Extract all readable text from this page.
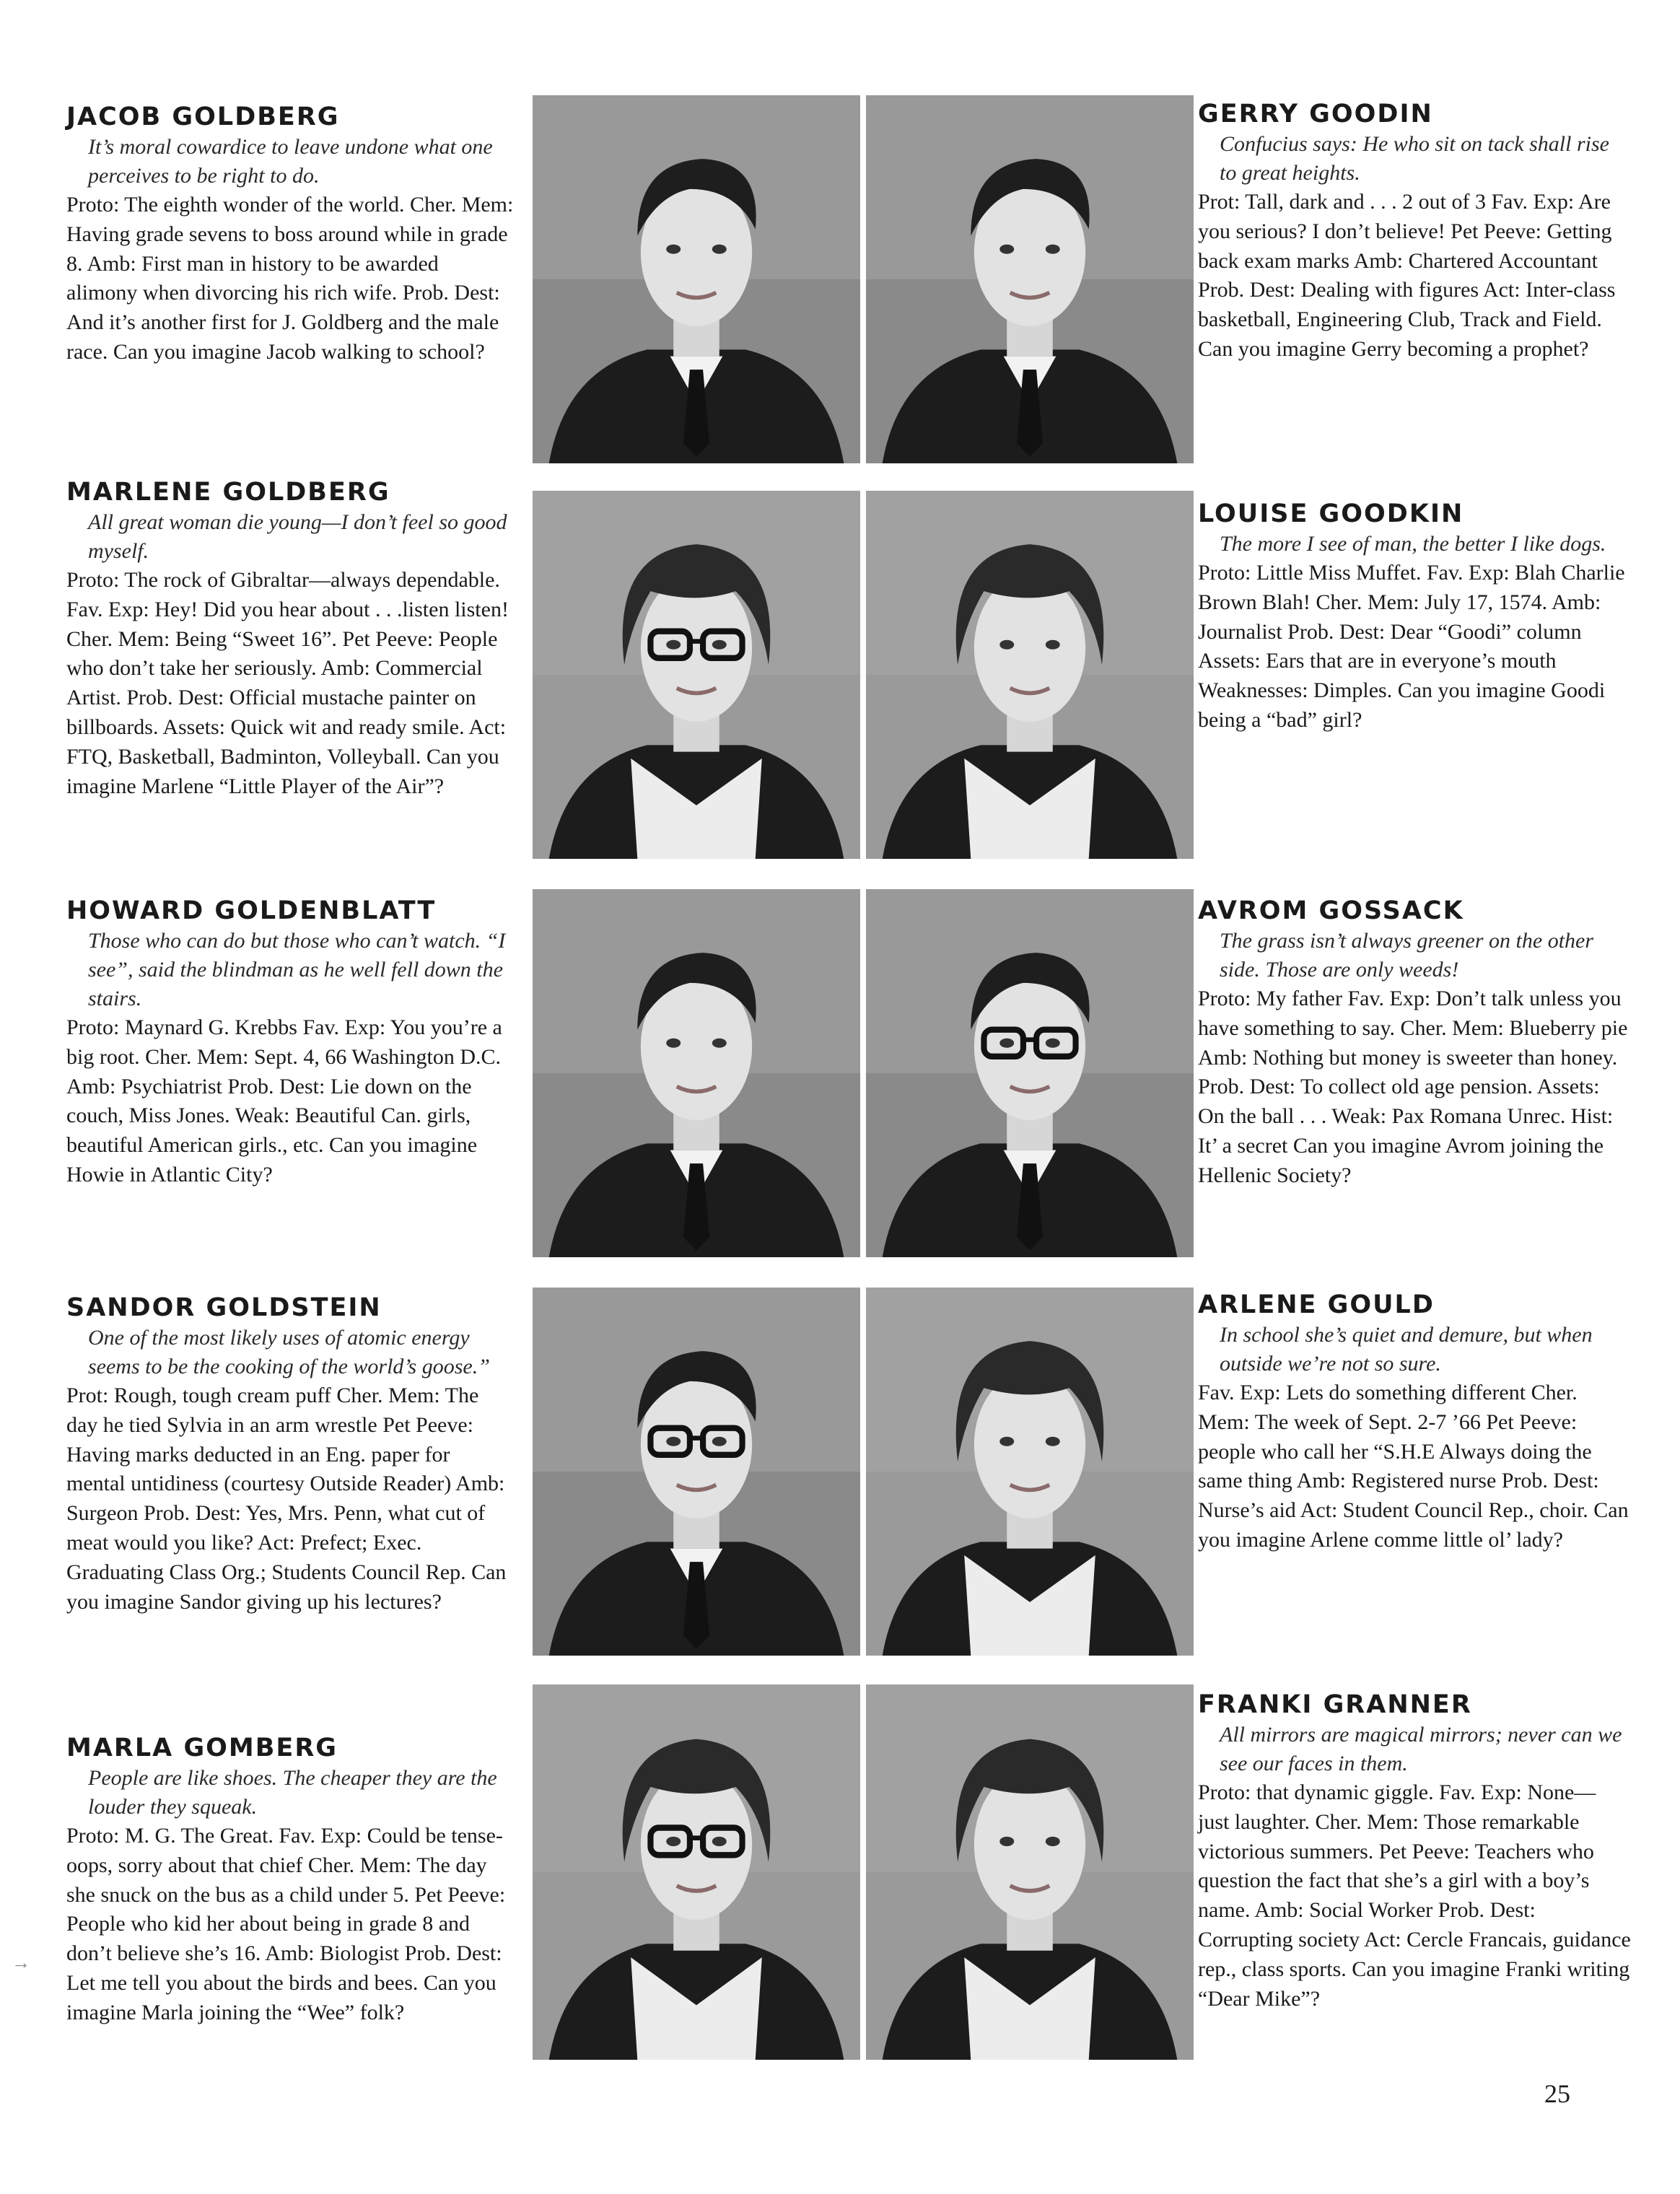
JACOB GOLDBERG

It’s moral cowardice to leave undone what one perceives to be right to do.

Proto: The eighth wonder of the world. Cher. Mem: Having grade sevens to boss around while in grade 8. Amb: First man in history to be awarded alimony when divorcing his rich wife. Prob. Dest: And it’s another first for J. Goldberg and the male race. Can you imagine Jacob walking to school?

MARLENE GOLDBERG

All great woman die young—I don’t feel so good myself.

Proto: The rock of Gibraltar—always dependable. Fav. Exp: Hey! Did you hear about . . .listen listen! Cher. Mem: Being “Sweet 16”. Pet Peeve: People who don’t take her seriously. Amb: Commercial Artist. Prob. Dest: Official mustache painter on billboards. Assets: Quick wit and ready smile. Act: FTQ, Basketball, Badminton, Volleyball. Can you imagine Marlene “Little Player of the Air”?

HOWARD GOLDENBLATT

Those who can do but those who can’t watch. “I see”, said the blindman as he well fell down the stairs.

Proto: Maynard G. Krebbs Fav. Exp: You you’re a big root. Cher. Mem: Sept. 4, 66 Washington D.C. Amb: Psychiatrist Prob. Dest: Lie down on the couch, Miss Jones. Weak: Beautiful Can. girls, beautiful American girls., etc. Can you imagine Howie in Atlantic City?

SANDOR GOLDSTEIN

One of the most likely uses of atomic energy seems to be the cooking of the world’s goose.”

Prot: Rough, tough cream puff Cher. Mem: The day he tied Sylvia in an arm wrestle Pet Peeve: Having marks deducted in an Eng. paper for mental untidiness (courtesy Outside Reader) Amb: Surgeon Prob. Dest: Yes, Mrs. Penn, what cut of meat would you like? Act: Prefect; Exec. Graduating Class Org.; Students Council Rep. Can you imagine Sandor giving up his lectures?

MARLA GOMBERG

People are like shoes. The cheaper they are the louder they squeak.

Proto: M. G. The Great. Fav. Exp: Could be tense-oops, sorry about that chief Cher. Mem: The day she snuck on the bus as a child under 5. Pet Peeve: People who kid her about being in grade 8 and don’t believe she’s 16. Amb: Biologist Prob. Dest: Let me tell you about the birds and bees. Can you imagine Marla joining the “Wee” folk?

GERRY GOODIN

Confucius says: He who sit on tack shall rise to great heights.

Prot: Tall, dark and . . . 2 out of 3 Fav. Exp: Are you serious? I don’t believe! Pet Peeve: Getting back exam marks Amb: Chartered Accountant Prob. Dest: Dealing with figures Act: Inter-class basketball, Engineering Club, Track and Field. Can you imagine Gerry becoming a prophet?

LOUISE GOODKIN

The more I see of man, the better I like dogs.

Proto: Little Miss Muffet. Fav. Exp: Blah Charlie Brown Blah! Cher. Mem: July 17, 1574. Amb: Journalist Prob. Dest: Dear “Goodi” column Assets: Ears that are in everyone’s mouth Weaknesses: Dimples. Can you imagine Goodi being a “bad” girl?

AVROM GOSSACK

The grass isn’t always greener on the other side. Those are only weeds!

Proto: My father Fav. Exp: Don’t talk unless you have something to say. Cher. Mem: Blueberry pie Amb: Nothing but money is sweeter than honey. Prob. Dest: To collect old age pension. Assets: On the ball . . . Weak: Pax Romana Unrec. Hist: It’ a secret Can you imagine Avrom joining the Hellenic Society?

ARLENE GOULD

In school she’s quiet and demure, but when outside we’re not so sure.

Fav. Exp: Lets do something different Cher. Mem: The week of Sept. 2-7 ’66 Pet Peeve: people who call her “S.H.E Always doing the same thing Amb: Registered nurse Prob. Dest: Nurse’s aid Act: Student Council Rep., choir. Can you imagine Arlene comme little ol’ lady?

FRANKI GRANNER

All mirrors are magical mirrors; never can we see our faces in them.

Proto: that dynamic giggle. Fav. Exp: None— just laughter. Cher. Mem: Those remarkable victorious summers. Pet Peeve: Teachers who question the fact that she’s a girl with a boy’s name. Amb: Social Worker Prob. Dest: Corrupting society Act: Cercle Francais, guidance rep., class sports. Can you imagine Franki writing “Dear Mike”?

→
25
